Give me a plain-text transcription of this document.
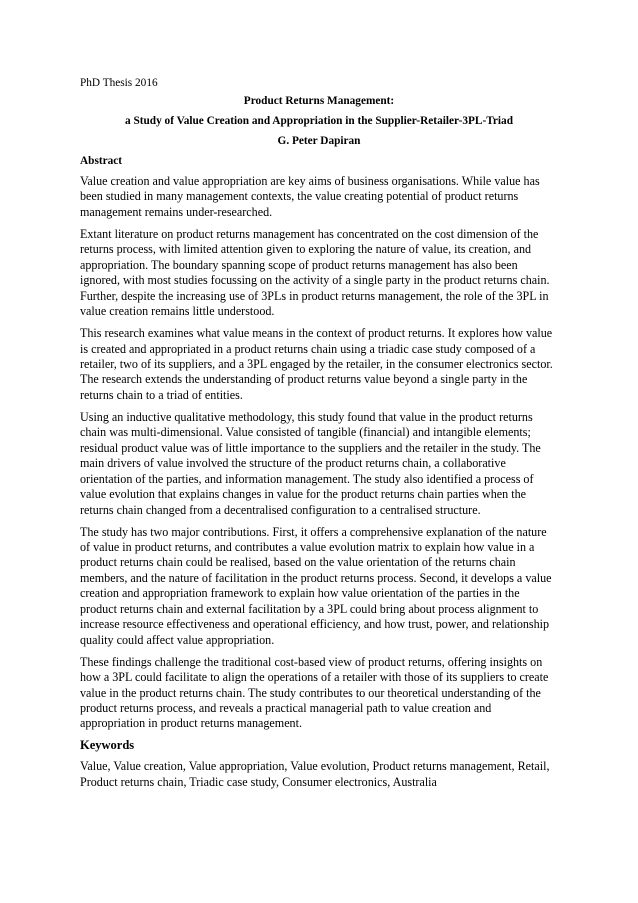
PhD Thesis 2016
Product Returns Management:
a Study of Value Creation and Appropriation in the Supplier-Retailer-3PL-Triad
G. Peter Dapiran
Abstract

Value creation and value appropriation are key aims of business organisations. While value has been studied in many management contexts, the value creating potential of product returns management remains under-researched.

Extant literature on product returns management has concentrated on the cost dimension of the returns process, with limited attention given to exploring the nature of value, its creation, and appropriation. The boundary spanning scope of product returns management has also been ignored, with most studies focussing on the activity of a single party in the product returns chain. Further, despite the increasing use of 3PLs in product returns management, the role of the 3PL in value creation remains little understood.

This research examines what value means in the context of product returns. It explores how value is created and appropriated in a product returns chain using a triadic case study composed of a retailer, two of its suppliers, and a 3PL engaged by the retailer, in the consumer electronics sector. The research extends the understanding of product returns value beyond a single party in the returns chain to a triad of entities.

Using an inductive qualitative methodology, this study found that value in the product returns chain was multi-dimensional. Value consisted of tangible (financial) and intangible elements; residual product value was of little importance to the suppliers and the retailer in the study. The main drivers of value involved the structure of the product returns chain, a collaborative orientation of the parties, and information management. The study also identified a process of value evolution that explains changes in value for the product returns chain parties when the returns chain changed from a decentralised configuration to a centralised structure.

The study has two major contributions. First, it offers a comprehensive explanation of the nature of value in product returns, and contributes a value evolution matrix to explain how value in a product returns chain could be realised, based on the value orientation of the returns chain members, and the nature of facilitation in the product returns process. Second, it develops a value creation and appropriation framework to explain how value orientation of the parties in the product returns chain and external facilitation by a 3PL could bring about process alignment to increase resource effectiveness and operational efficiency, and how trust, power, and relationship quality could affect value appropriation.

These findings challenge the traditional cost-based view of product returns, offering insights on how a 3PL could facilitate to align the operations of a retailer with those of its suppliers to create value in the product returns chain. The study contributes to our theoretical understanding of the product returns process, and reveals a practical managerial path to value creation and appropriation in product returns management.

Keywords

Value, Value creation, Value appropriation, Value evolution, Product returns management, Retail, Product returns chain, Triadic case study, Consumer electronics, Australia
